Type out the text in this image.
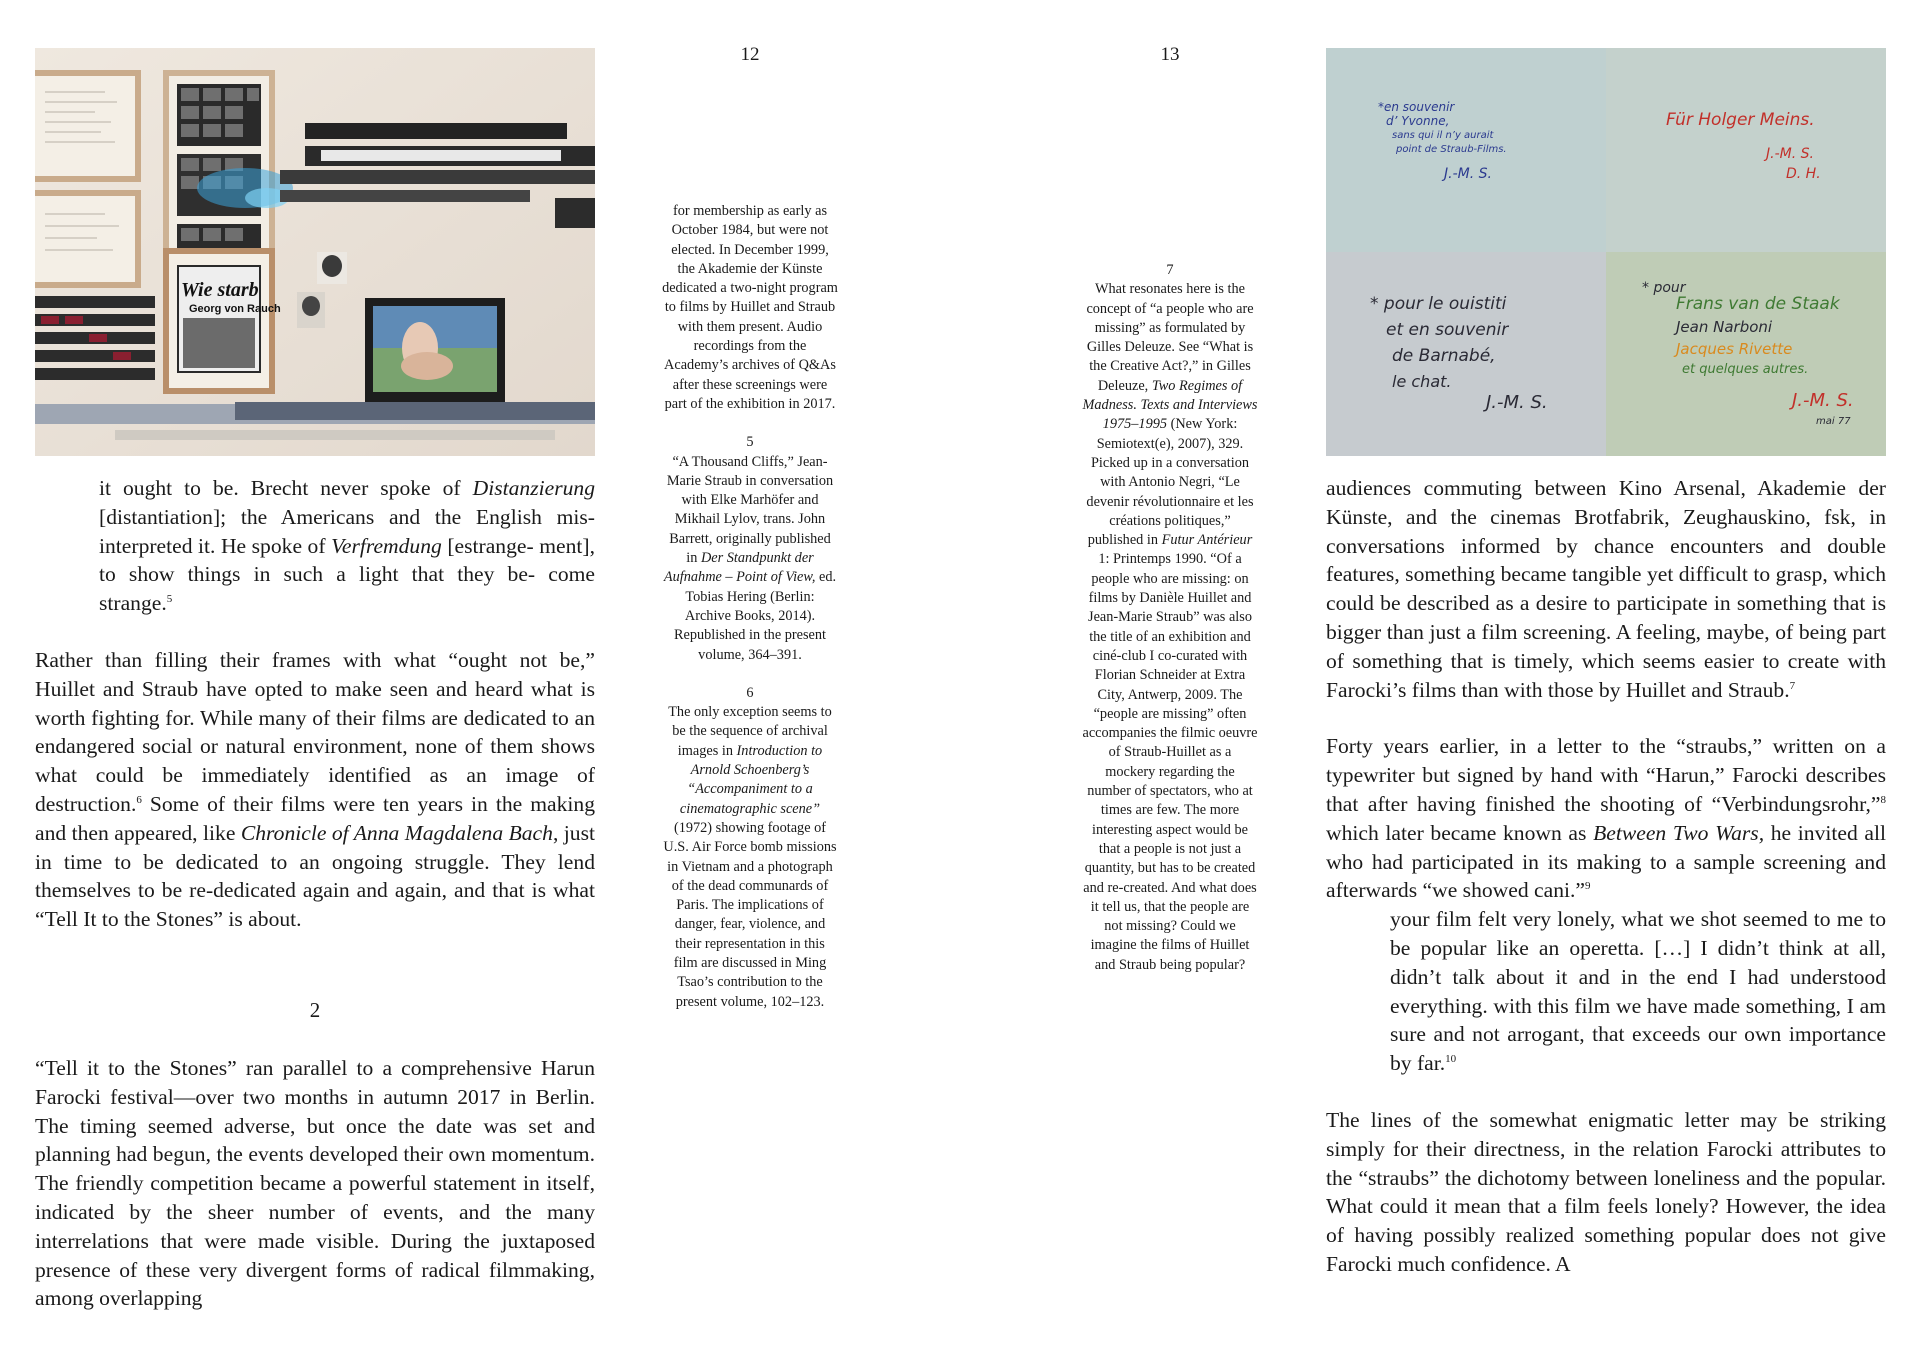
12	13
Wie starb
Georg von Rauch
*en souvenir
d’ Yvonne,
sans qui il n’y aurait
point de Straub-Films.
J.-M. S.
Für Holger Meins.
J.-M. S.
D. H.
* pour le ouistiti
et en souvenir
de Barnabé,
le chat.
J.-M. S.
* pour
Frans van de Staak
Jean Narboni
Jacques Rivette
et quelques autres.
J.-M. S.
mai 77

it ought to be. Brecht never spoke of Distanzierung [distantiation]; the Americans and the English mis- interpreted it. He spoke of Verfremdung [estrange- ment], to show things in such a light that they be- come strange.$^5$

Rather than filling their frames with what “ought not be,” Huillet and Straub have opted to make seen and heard what is worth fighting for. While many of their films are dedicated to an endangered social or natural environment, none of them shows what could be immediately identified as an image of destruction.$^6$ Some of their films were ten years in the making and then appeared, like Chronicle of Anna Magdalena Bach, just in time to be dedicated to an ongoing struggle. They lend themselves to be re-dedicated again and again, and that is what “Tell It to the Stones” is about.

2

“Tell it to the Stones” ran parallel to a comprehensive Harun Farocki festival—over two months in autumn 2017 in Berlin. The timing seemed adverse, but once the date was set and planning had begun, the events developed their own momentum. The friendly competition became a powerful statement in itself, indicated by the sheer number of events, and the many interrelations that were made visible. During the juxtaposed presence of these very divergent forms of radical filmmaking, among overlapping

for membership as early as October 1984, but were not elected. In December 1999, the Akademie der Künste dedicated a two-night program to films by Huillet and Straub with them present. Audio recordings from the Academy’s archives of Q&As after these screenings were part of the exhibition in 2017.

5
“A Thousand Cliffs,” Jean-Marie Straub in conversation with Elke Marhöfer and Mikhail Lylov, trans. John Barrett, originally published in Der Standpunkt der Aufnahme – Point of View, ed. Tobias Hering (Berlin: Archive Books, 2014). Republished in the present volume, 364–391.

6
The only exception seems to be the sequence of archival images in Introduction to Arnold Schoenberg’s “Accompaniment to a cinematographic scene” (1972) showing footage of U.S. Air Force bomb missions in Vietnam and a photograph of the dead communards of Paris. The implications of danger, fear, violence, and their representation in this film are discussed in Ming Tsao’s contribution to the present volume, 102–123.

7
What resonates here is the concept of “a people who are missing” as formulated by Gilles Deleuze. See “What is the Creative Act?,” in Gilles Deleuze, Two Regimes of Madness. Texts and Interviews 1975–1995 (New York: Semiotext(e), 2007), 329. Picked up in a conversation with Antonio Negri, “Le devenir révolutionnaire et les créations politiques,” published in Futur Antérieur 1: Printemps 1990. “Of a people who are missing: on films by Danièle Huillet and Jean-Marie Straub” was also the title of an exhibition and ciné-club I co-curated with Florian Schneider at Extra City, Antwerp, 2009. The “people are missing” often accompanies the filmic oeuvre of Straub-Huillet as a mockery regarding the number of spectators, who at times are few. The more interesting aspect would be that a people is not just a quantity, but has to be created and re-created. And what does it tell us, that the people are not missing? Could we imagine the films of Huillet and Straub being popular?

audiences commuting between Kino Arsenal, Akademie der Künste, and the cinemas Brotfabrik, Zeughauskino, fsk, in conversations informed by chance encounters and double features, something became tangible yet difficult to grasp, which could be described as a desire to participate in something that is bigger than just a film screening. A feeling, maybe, of being part of something that is timely, which seems easier to create with Farocki’s films than with those by Huillet and Straub.$^7$

Forty years earlier, in a letter to the “straubs,” written on a typewriter but signed by hand with “Harun,” Farocki describes that after having finished the shooting of “Verbindungsrohr,”$^8$ which later became known as Between Two Wars, he invited all who had participated in its making to a sample screening and afterwards “we showed cani.”$^9$

your film felt very lonely, what we shot seemed to me to be popular like an operetta. […] I didn’t think at all, didn’t talk about it and in the end I had understood everything. with this film we have made something, I am sure and not arrogant, that exceeds our own importance by far.$^{10}$

The lines of the somewhat enigmatic letter may be striking simply for their directness, in the relation Farocki attributes to the “straubs” the dichotomy between loneliness and the popular. What could it mean that a film feels lonely? However, the idea of having possibly realized something popular does not give Farocki much confidence. A
